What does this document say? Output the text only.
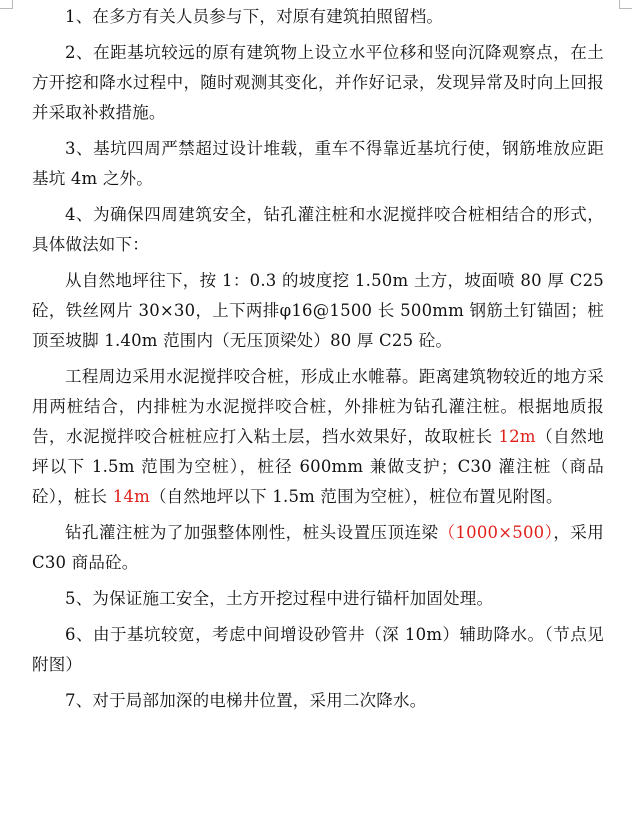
1、在多方有关人员参与下，对原有建筑拍照留档。

2、在距基坑较远的原有建筑物上设立水平位移和竖向沉降观察点，在土方开挖和降水过程中，随时观测其变化，并作好记录，发现异常及时向上回报并采取补救措施。

3、基坑四周严禁超过设计堆载，重车不得靠近基坑行使，钢筋堆放应距基坑 4m 之外。

4、为确保四周建筑安全，钻孔灌注桩和水泥搅拌咬合桩相结合的形式，具体做法如下：

从自然地坪往下，按 1：0.3 的坡度挖 1.50m 土方，坡面喷 80 厚 C25 砼，铁丝网片 30×30，上下两排φ16@1500 长 500mm 钢筋土钉锚固；桩顶至坡脚 1.40m 范围内（无压顶梁处）80 厚 C25 砼。

工程周边采用水泥搅拌咬合桩，形成止水帷幕。距离建筑物较近的地方采用两桩结合，内排桩为水泥搅拌咬合桩，外排桩为钻孔灌注桩。根据地质报告，水泥搅拌咬合桩桩应打入粘土层，挡水效果好，故取桩长 12m（自然地坪以下 1.5m 范围为空桩），桩径 600mm 兼做支护；C30 灌注桩（商品砼），桩长 14m（自然地坪以下 1.5m 范围为空桩），桩位布置见附图。

钻孔灌注桩为了加强整体刚性，桩头设置压顶连梁（1000×500），采用 C30 商品砼。

5、为保证施工安全，土方开挖过程中进行锚杆加固处理。

6、由于基坑较宽，考虑中间增设砂管井（深 10m）辅助降水。（节点见附图）

7、对于局部加深的电梯井位置，采用二次降水。
